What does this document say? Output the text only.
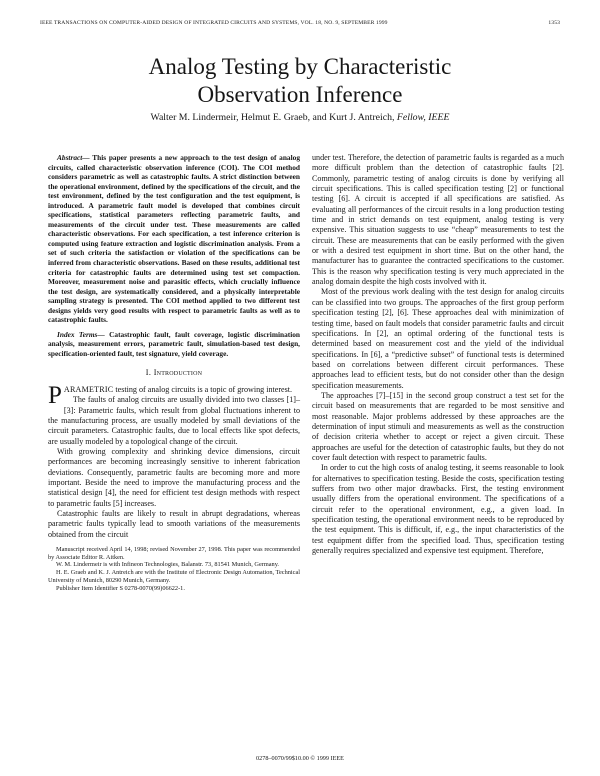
IEEE TRANSACTIONS ON COMPUTER-AIDED DESIGN OF INTEGRATED CIRCUITS AND SYSTEMS, VOL. 18, NO. 9, SEPTEMBER 1999	1353
Analog Testing by Characteristic
Observation Inference
Walter M. Lindermeir, Helmut E. Graeb, and Kurt J. Antreich, Fellow, IEEE

Abstract— This paper presents a new approach to the test design of analog circuits, called characteristic observation inference (COI). The COI method considers parametric as well as catastrophic faults. A strict distinction between the operational environment, defined by the specifications of the circuit, and the test environment, defined by the test configuration and the test equipment, is introduced. A parametric fault model is developed that combines circuit specifications, statistical parameters reflecting parametric faults, and measurements of the circuit under test. These measurements are called characteristic observations. For each specification, a test inference criterion is computed using feature extraction and logistic discrimination analysis. From a set of such criteria the satisfaction or violation of the specifications can be inferred from characteristic observations. Based on these results, additional test criteria for catastrophic faults are determined using test set compaction. Moreover, measurement noise and parasitic effects, which crucially influence the test design, are systematically considered, and a physically interpretable sampling strategy is presented. The COI method applied to two different test designs yields very good results with respect to parametric faults as well as to catastrophic faults.

Index Terms— Catastrophic fault, fault coverage, logistic discrimination analysis, measurement errors, parametric fault, simulation-based test design, specification-oriented fault, test signature, yield coverage.

I. Introduction

PARAMETRIC testing of analog circuits is a topic of growing interest.

The faults of analog circuits are usually divided into two classes [1]–[3]: Parametric faults, which result from global fluctuations inherent to the manufacturing process, are usually modeled by small deviations of the circuit parameters. Catastrophic faults, due to local effects like spot defects, are usually modeled by a topological change of the circuit.

With growing complexity and shrinking device dimensions, circuit performances are becoming increasingly sensitive to inherent fabrication deviations. Consequently, parametric faults are becoming more and more important. Beside the need to improve the manufacturing process and the statistical design [4], the need for efficient test design methods with respect to parametric faults [5] increases.

Catastrophic faults are likely to result in abrupt degradations, whereas parametric faults typically lead to smooth variations of the measurements obtained from the circuit

Manuscript received April 14, 1998; revised November 27, 1998. This paper was recommended by Associate Editor R. Aitken.

W. M. Lindermeir is with Infineon Technologies, Balanstr. 73, 81541 Munich, Germany.

H. E. Graeb and K. J. Antreich are with the Institute of Electronic Design Automation, Technical University of Munich, 80290 Munich, Germany.

Publisher Item Identifier S 0278-0070(99)06622-1.

under test. Therefore, the detection of parametric faults is regarded as a much more difficult problem than the detection of catastrophic faults [2]. Commonly, parametric testing of analog circuits is done by verifying all circuit specifications. This is called specification testing [2] or functional testing [6]. A circuit is accepted if all specifications are satisfied. As evaluating all performances of the circuit results in a long production testing time and in strict demands on test equipment, analog testing is very expensive. This situation suggests to use “cheap” measurements to test the circuit. These are measurements that can be easily performed with the given or with a desired test equipment in short time. But on the other hand, the manufacturer has to guarantee the contracted specifications to the customer. This is the reason why specification testing is very much appreciated in the analog domain despite the high costs involved with it.

Most of the previous work dealing with the test design for analog circuits can be classified into two groups. The approaches of the first group perform specification testing [2], [6]. These approaches deal with minimization of testing time, based on fault models that consider parametric faults and circuit specifications. In [2], an optimal ordering of the functional tests is determined based on measurement cost and the yield of the individual specifications. In [6], a “predictive subset” of functional tests is determined based on correlations between different circuit performances. These approaches lead to efficient tests, but do not consider other than the design specification measurements.

The approaches [7]–[15] in the second group construct a test set for the circuit based on measurements that are regarded to be most sensitive and most reasonable. Major problems addressed by these approaches are the determination of input stimuli and measurements as well as the construction of decision criteria whether to accept or reject a given circuit. These approaches are useful for the detection of catastrophic faults, but they do not cover fault detection with respect to parametric faults.

In order to cut the high costs of analog testing, it seems reasonable to look for alternatives to specification testing. Beside the costs, specification testing suffers from two other major drawbacks. First, the testing environment usually differs from the operational environment. The specifications of a circuit refer to the operational environment, e.g., a given load. In specification testing, the operational environment needs to be reproduced by the test equipment. This is difficult, if, e.g., the input characteristics of the test equipment differ from the specified load. Thus, specification testing generally requires specialized and expensive test equipment. Therefore,

0278–0070/99$10.00 © 1999 IEEE
